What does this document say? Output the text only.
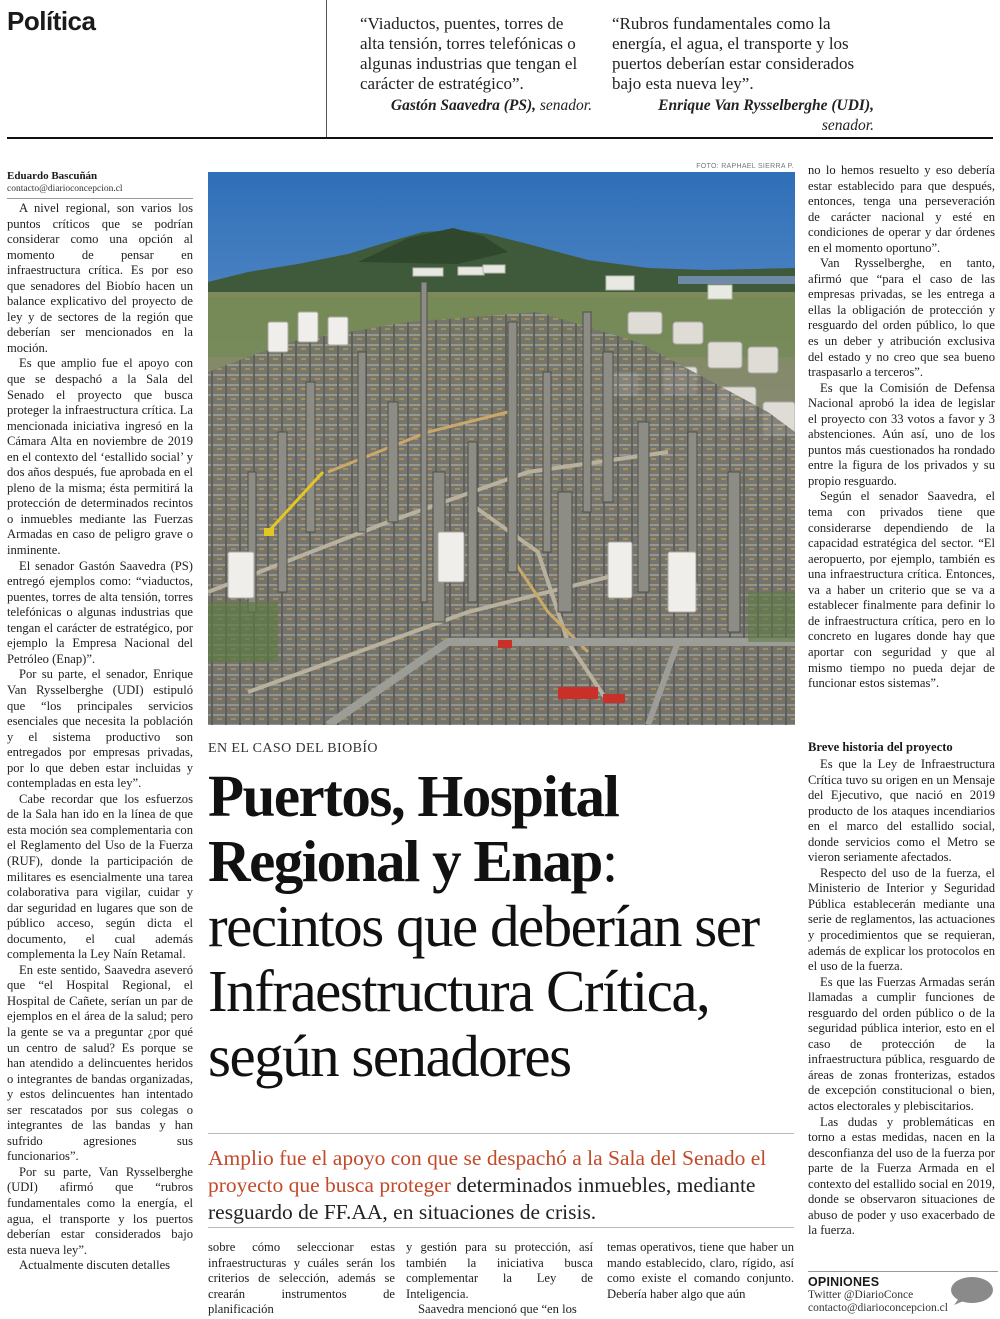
Política	“Viaductos, puentes, torres de alta tensión, torres telefónicas o algunas industrias que tengan el carácter de estratégico”.
Gastón Saavedra (PS), senador.
“Rubros fundamentales como la energía, el agua, el transporte y los puertos deberían estar considerados bajo esta nueva ley”.
Enrique Van Rysselberghe (UDI), senador.
Eduardo Bascuñán
contacto@diarioconcepcion.cl

A nivel regional, son varios los puntos críticos que se podrían considerar como una opción al momento de pensar en infraestructura crítica. Es por eso que senadores del Biobío hacen un balance explicativo del proyecto de ley y de sectores de la región que deberían ser mencionados en la moción.

Es que amplio fue el apoyo con que se despachó a la Sala del Senado el proyecto que busca proteger la infraestructura crítica. La mencionada iniciativa ingresó en la Cámara Alta en noviembre de 2019 en el contexto del ‘estallido social’ y dos años después, fue aprobada en el pleno de la misma; ésta permitirá la protección de determinados recintos o inmuebles mediante las Fuerzas Armadas en caso de peligro grave o inminente.

El senador Gastón Saavedra (PS) entregó ejemplos como: “viaductos, puentes, torres de alta tensión, torres telefónicas o algunas industrias que tengan el carácter de estratégico, por ejemplo la Empresa Nacional del Petróleo (Enap)”.

Por su parte, el senador, Enrique Van Rysselberghe (UDI) estipuló que “los principales servicios esenciales que necesita la población y el sistema productivo son entregados por empresas privadas, por lo que deben estar incluidas y contempladas en esta ley”.

Cabe recordar que los esfuerzos de la Sala han ido en la línea de que esta moción sea complementaria con el Reglamento del Uso de la Fuerza (RUF), donde la participación de militares es esencialmente una tarea colaborativa para vigilar, cuidar y dar seguridad en lugares que son de público acceso, según dicta el documento, el cual además complementa la Ley Naín Retamal.

En este sentido, Saavedra aseveró que “el Hospital Regional, el Hospital de Cañete, serían un par de ejemplos en el área de la salud; pero la gente se va a preguntar ¿por qué un centro de salud? Es porque se han atendido a delincuentes heridos o integrantes de bandas organizadas, y estos delincuentes han intentado ser rescatados por sus colegas o integrantes de las bandas y han sufrido agresiones sus funcionarios”.

Por su parte, Van Rysselberghe (UDI) afirmó que “rubros fundamentales como la energía, el agua, el transporte y los puertos deberían estar considerados bajo esta nueva ley”.

Actualmente discuten detalles

FOTO: RAPHAEL SIERRA P.
EN EL CASO DEL BIOBÍO
Puertos, Hospital Regional y Enap: recintos que deberían ser Infraestructura Crítica, según senadores
Amplio fue el apoyo con que se despachó a la Sala del Senado el proyecto que busca proteger determinados inmuebles, mediante resguardo de FF.AA, en situaciones de crisis.

sobre cómo seleccionar estas infraestructuras y cuáles serán los criterios de selección, además se crearán instrumentos de planificación

y gestión para su protección, así también la iniciativa busca complementar la Ley de Inteligencia.

Saavedra mencionó que “en los

temas operativos, tiene que haber un mando establecido, claro, rígido, así como existe el comando conjunto. Debería haber algo que aún

no lo hemos resuelto y eso debería estar establecido para que después, entonces, tenga una perseveración de carácter nacional y esté en condiciones de operar y dar órdenes en el momento oportuno”.

Van Rysselberghe, en tanto, afirmó que “para el caso de las empresas privadas, se les entrega a ellas la obligación de protección y resguardo del orden público, lo que es un deber y atribución exclusiva del estado y no creo que sea bueno traspasarlo a terceros”.

Es que la Comisión de Defensa Nacional aprobó la idea de legislar el proyecto con 33 votos a favor y 3 abstenciones. Aún así, uno de los puntos más cuestionados ha rondado entre la figura de los privados y su propio resguardo.

Según el senador Saavedra, el tema con privados tiene que considerarse dependiendo de la capacidad estratégica del sector. “El aeropuerto, por ejemplo, también es una infraestructura crítica. Entonces, va a haber un criterio que se va a establecer finalmente para definir lo de infraestructura crítica, pero en lo concreto en lugares donde hay que aportar con seguridad y que al mismo tiempo no pueda dejar de funcionar estos sistemas”.

Breve historia del proyecto

Es que la Ley de Infraestructura Crítica tuvo su origen en un Mensaje del Ejecutivo, que nació en 2019 producto de los ataques incendiarios en el marco del estallido social, donde servicios como el Metro se vieron seriamente afectados.

Respecto del uso de la fuerza, el Ministerio de Interior y Seguridad Pública establecerán mediante una serie de reglamentos, las actuaciones y procedimientos que se requieran, además de explicar los protocolos en el uso de la fuerza.

Es que las Fuerzas Armadas serán llamadas a cumplir funciones de resguardo del orden público o de la seguridad pública interior, esto en el caso de protección de la infraestructura pública, resguardo de áreas de zonas fronterizas, estados de excepción constitucional o bien, actos electorales y plebiscitarios.

Las dudas y problemáticas en torno a estas medidas, nacen en la desconfianza del uso de la fuerza por parte de la Fuerza Armada en el contexto del estallido social en 2019, donde se observaron situaciones de abuso de poder y uso exacerbado de la fuerza.

OPINIONES
Twitter @DiarioConce
contacto@diarioconcepcion.cl
